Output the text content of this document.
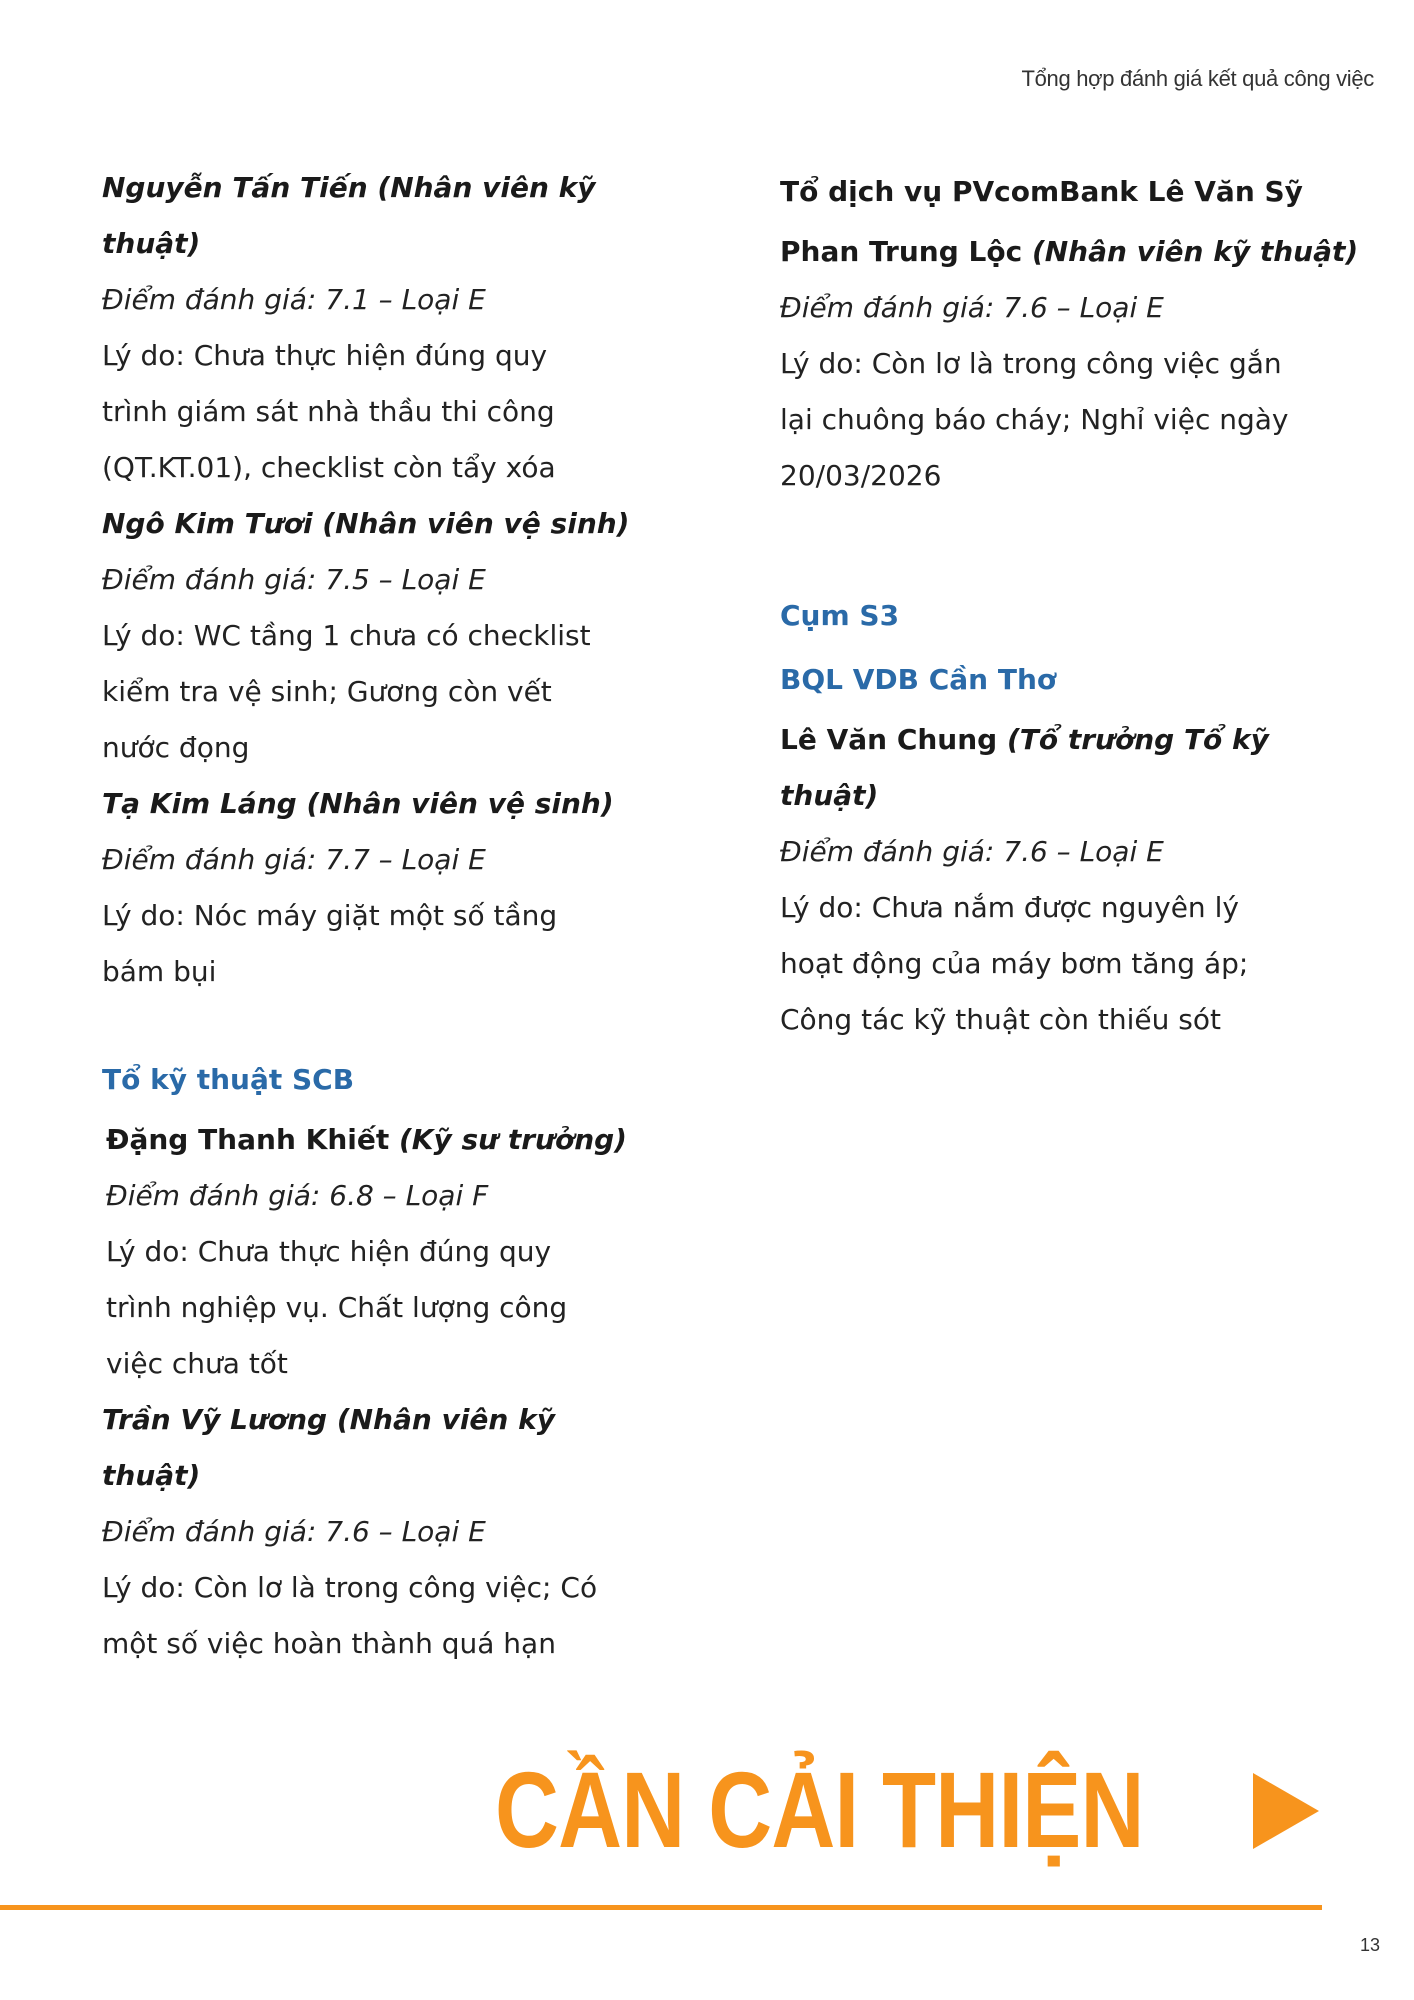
Tổng hợp đánh giá kết quả công việc
Nguyễn Tấn Tiến (Nhân viên kỹ thuật)
Điểm đánh giá: 7.1 – Loại E
Lý do: Chưa thực hiện đúng quy
trình giám sát nhà thầu thi công
(QT.KT.01), checklist còn tẩy xóa
Ngô Kim Tươi (Nhân viên vệ sinh)
Điểm đánh giá: 7.5 – Loại E
Lý do: WC tầng 1 chưa có checklist
kiểm tra vệ sinh; Gương còn vết
nước đọng
Tạ Kim Láng (Nhân viên vệ sinh)
Điểm đánh giá: 7.7 – Loại E
Lý do: Nóc máy giặt một số tầng
bám bụi
Tổ kỹ thuật SCB
Đặng Thanh Khiết (Kỹ sư trưởng)
Điểm đánh giá: 6.8 – Loại F
Lý do: Chưa thực hiện đúng quy
trình nghiệp vụ. Chất lượng công
việc chưa tốt
Trần Vỹ Lương (Nhân viên kỹ thuật)
Điểm đánh giá: 7.6 – Loại E
Lý do: Còn lơ là trong công việc; Có
một số việc hoàn thành quá hạn
Tổ dịch vụ PVcomBank Lê Văn Sỹ
Phan Trung Lộc (Nhân viên kỹ thuật)
Điểm đánh giá: 7.6 – Loại E
Lý do: Còn lơ là trong công việc gắn
lại chuông báo cháy; Nghỉ việc ngày
20/03/2026
Cụm S3
BQL VDB Cần Thơ
Lê Văn Chung (Tổ trưởng Tổ kỹ
thuật)
Điểm đánh giá: 7.6 – Loại E
Lý do: Chưa nắm được nguyên lý
hoạt động của máy bơm tăng áp;
Công tác kỹ thuật còn thiếu sót
CẦN CẢI THIỆN
13
